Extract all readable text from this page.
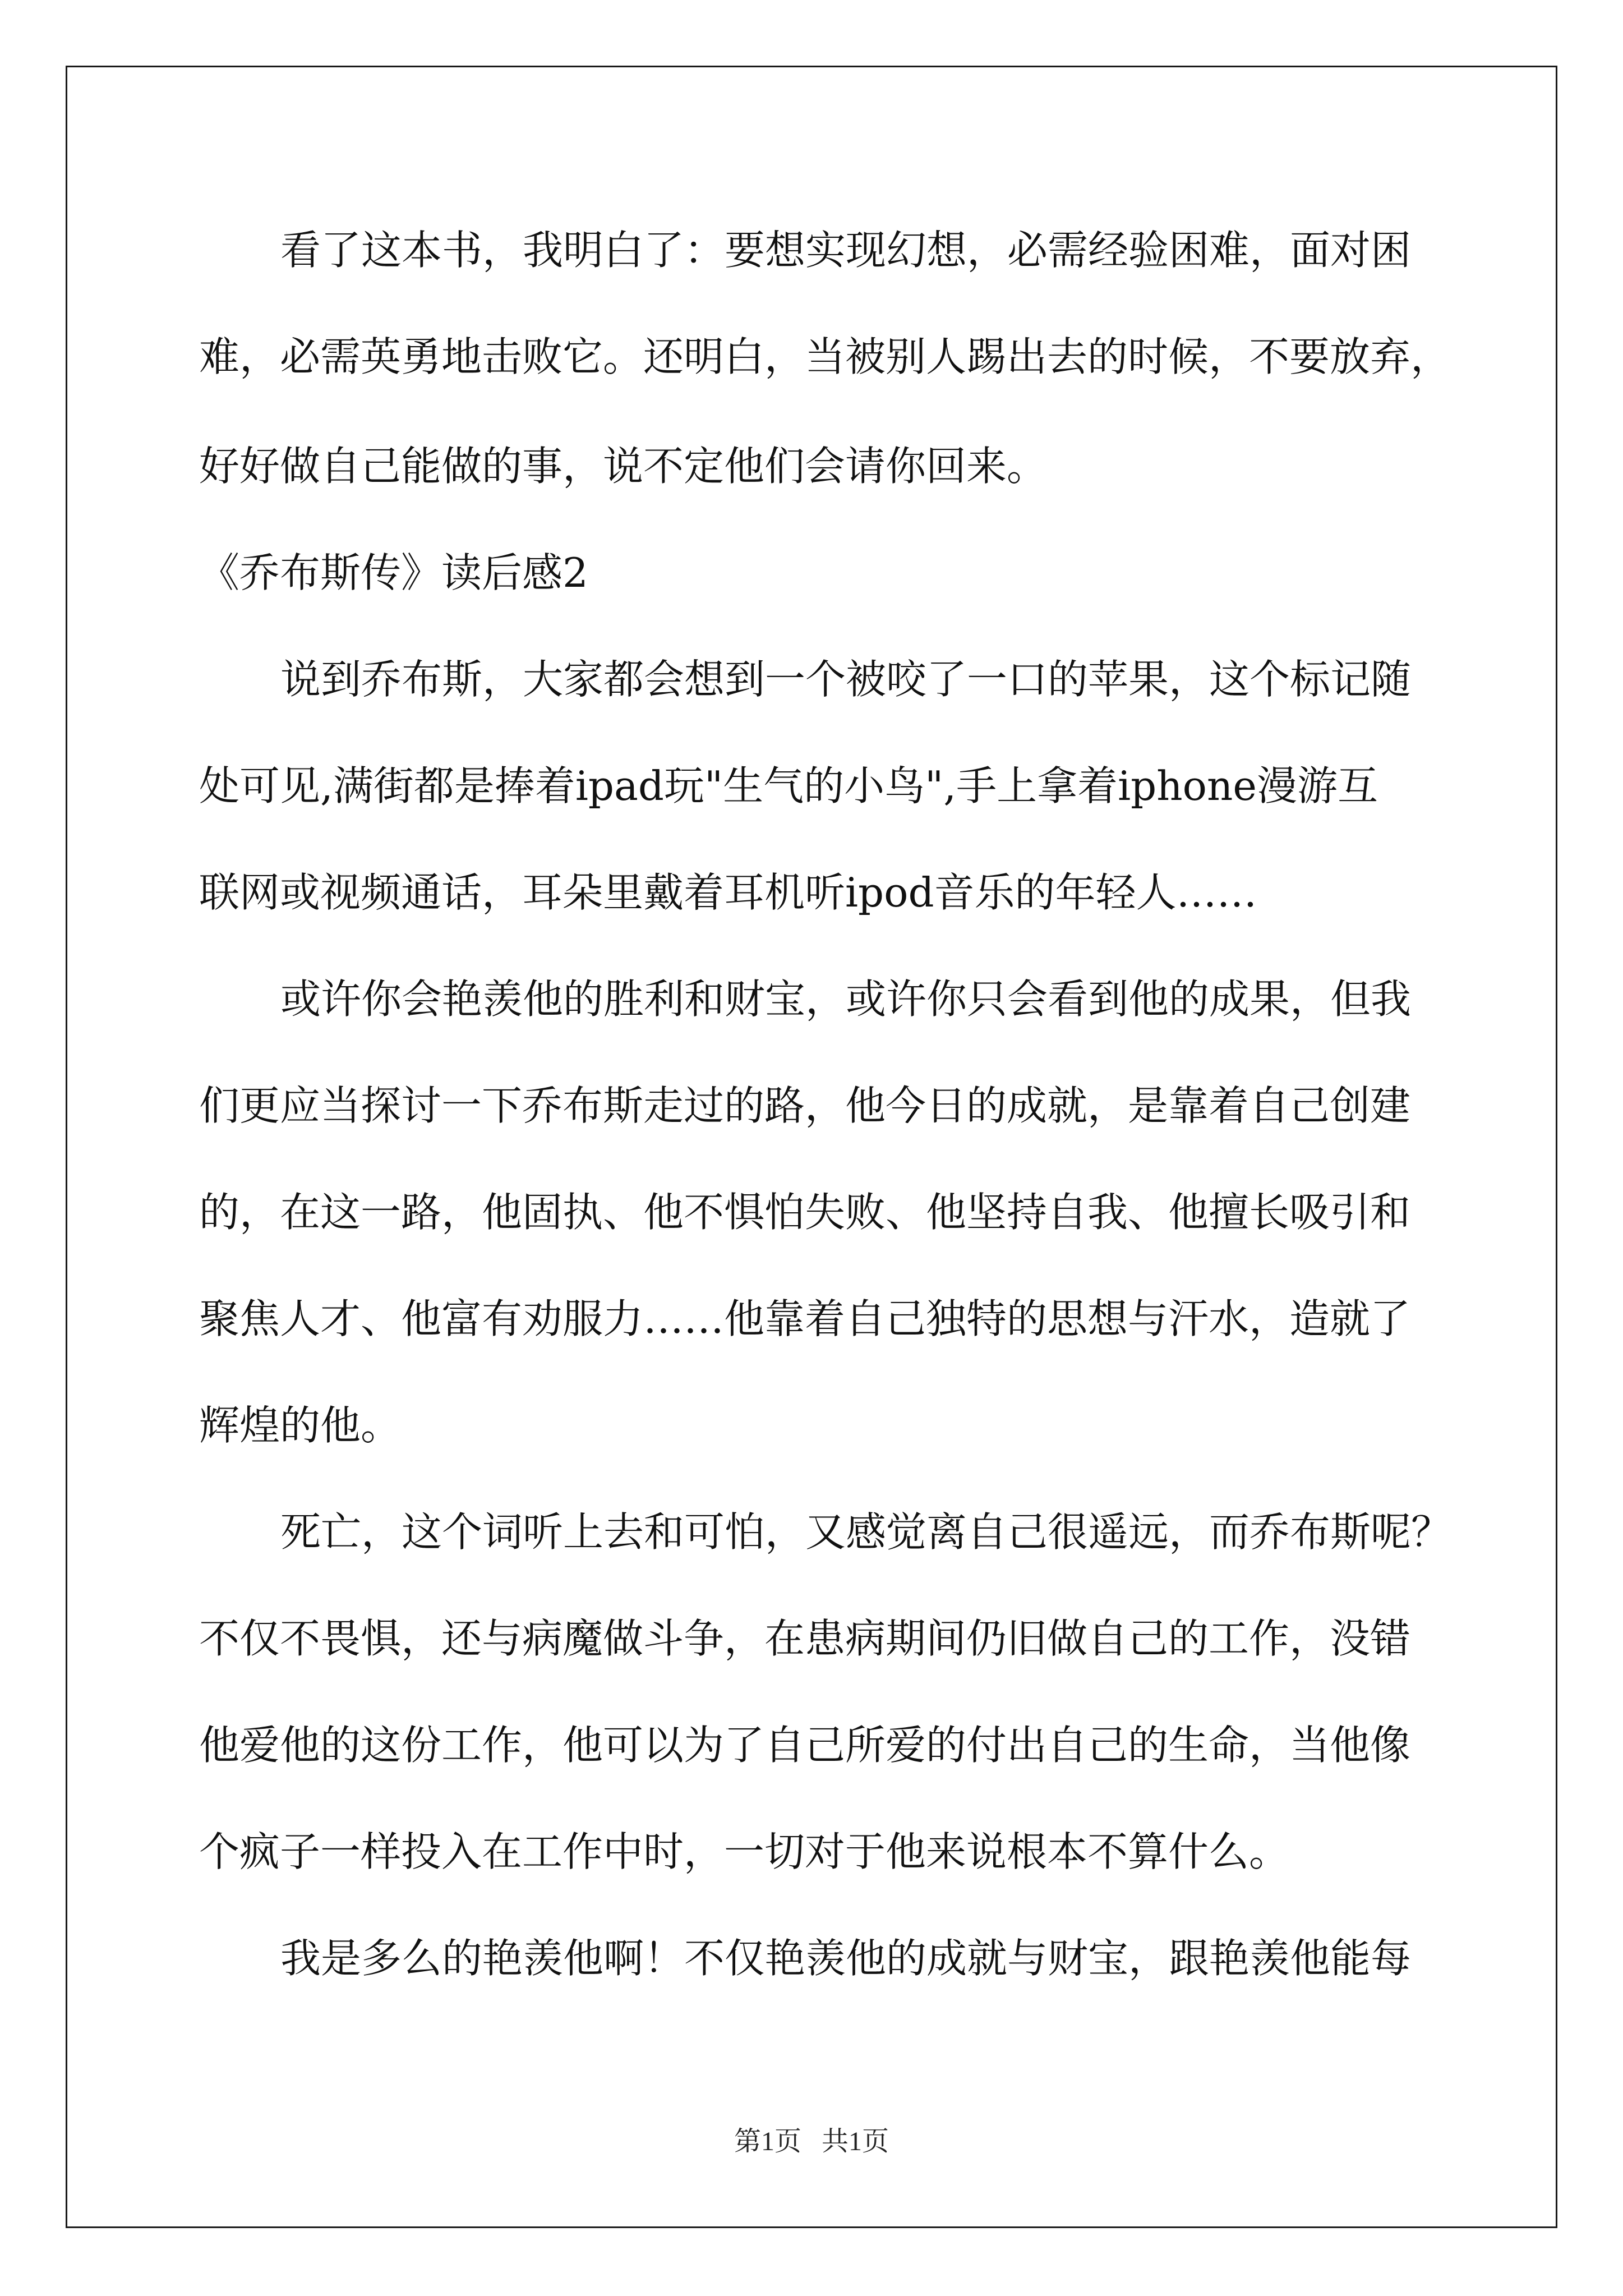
看了这本书，我明白了：要想实现幻想，必需经验困难，面对困
难，必需英勇地击败它。还明白，当被别人踢出去的时候，不要放弃，
好好做自己能做的事，说不定他们会请你回来。
《乔布斯传》读后感2
说到乔布斯，大家都会想到一个被咬了一口的苹果，这个标记随
处可见,满街都是捧着ipad玩"生气的小鸟",手上拿着iphone漫游互
联网或视频通话，耳朵里戴着耳机听ipod音乐的年轻人……
或许你会艳羡他的胜利和财宝，或许你只会看到他的成果，但我
们更应当探讨一下乔布斯走过的路，他今日的成就，是靠着自己创建
的，在这一路，他固执、他不惧怕失败、他坚持自我、他擅长吸引和
聚焦人才、他富有劝服力……他靠着自己独特的思想与汗水，造就了
辉煌的他。
死亡，这个词听上去和可怕，又感觉离自己很遥远，而乔布斯呢？
不仅不畏惧，还与病魔做斗争，在患病期间仍旧做自己的工作，没错
他爱他的这份工作，他可以为了自己所爱的付出自己的生命，当他像
个疯子一样投入在工作中时，一切对于他来说根本不算什么。
我是多么的艳羡他啊！不仅艳羡他的成就与财宝，跟艳羡他能每
第1页   共1页
